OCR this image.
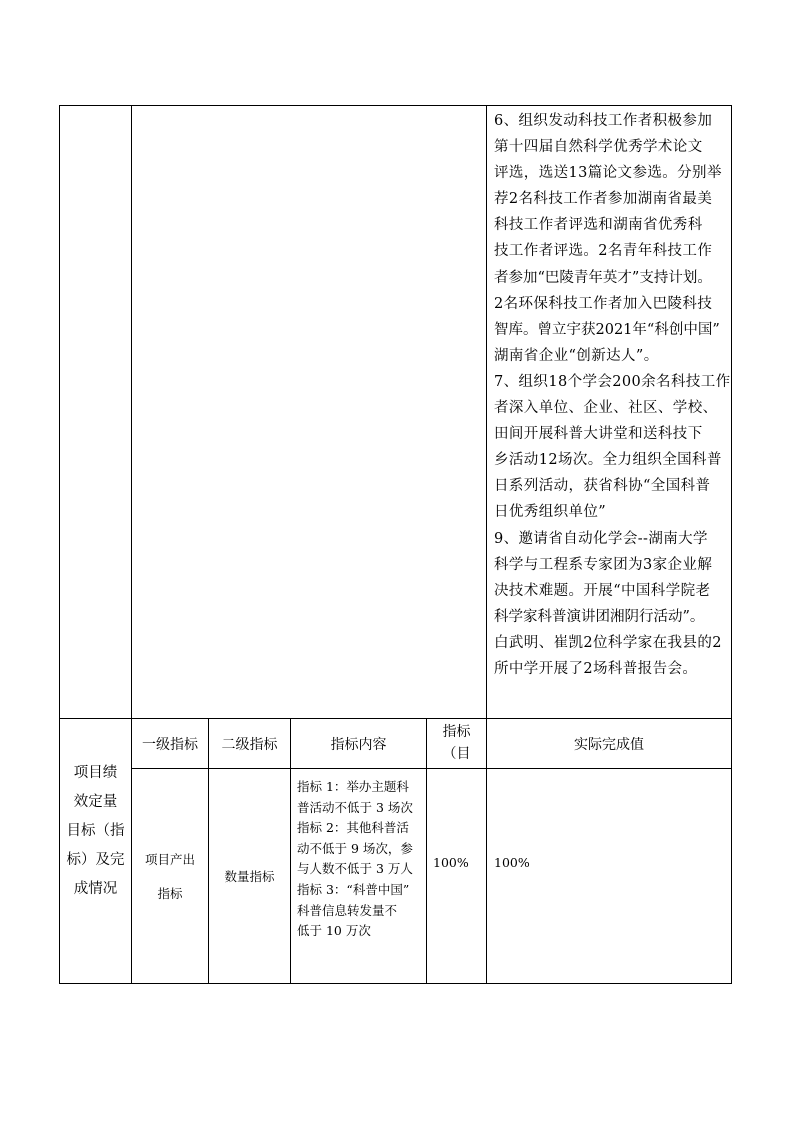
6、组织发动科技工作者积极参加

第十四届自然科学优秀学术论文

评选，选送13篇论文参选。分别举

荐2名科技工作者参加湖南省最美

科技工作者评选和湖南省优秀科

技工作者评选。2名青年科技工作

者参加“巴陵青年英才”支持计划。

2名环保科技工作者加入巴陵科技

智库。曾立宇获2021年“科创中国”

湖南省企业“创新达人”。

7、组织18个学会200余名科技工作

者深入单位、企业、社区、学校、

田间开展科普大讲堂和送科技下

乡活动12场次。全力组织全国科普

日系列活动，获省科协“全国科普

日优秀组织单位”

9、邀请省自动化学会--湖南大学

科学与工程系专家团为3家企业解

决技术难题。开展“中国科学院老

科学家科普演讲团湘阴行活动”。

白武明、崔凯2位科学家在我县的2

所中学开展了2场科普报告会。

项目绩

效定量

目标（指

标）及完

成情况

一级指标 二级指标	指标内容
指标
（目
实际完成值
项目产出
指标
数量指标

指标 1：举办主题科

普活动不低于 3 场次

指标 2：其他科普活

动不低于 9 场次，参

与人数不低于 3 万人

指标 3：“科普中国”

科普信息转发量不

低于 10 万次

100% 100%
